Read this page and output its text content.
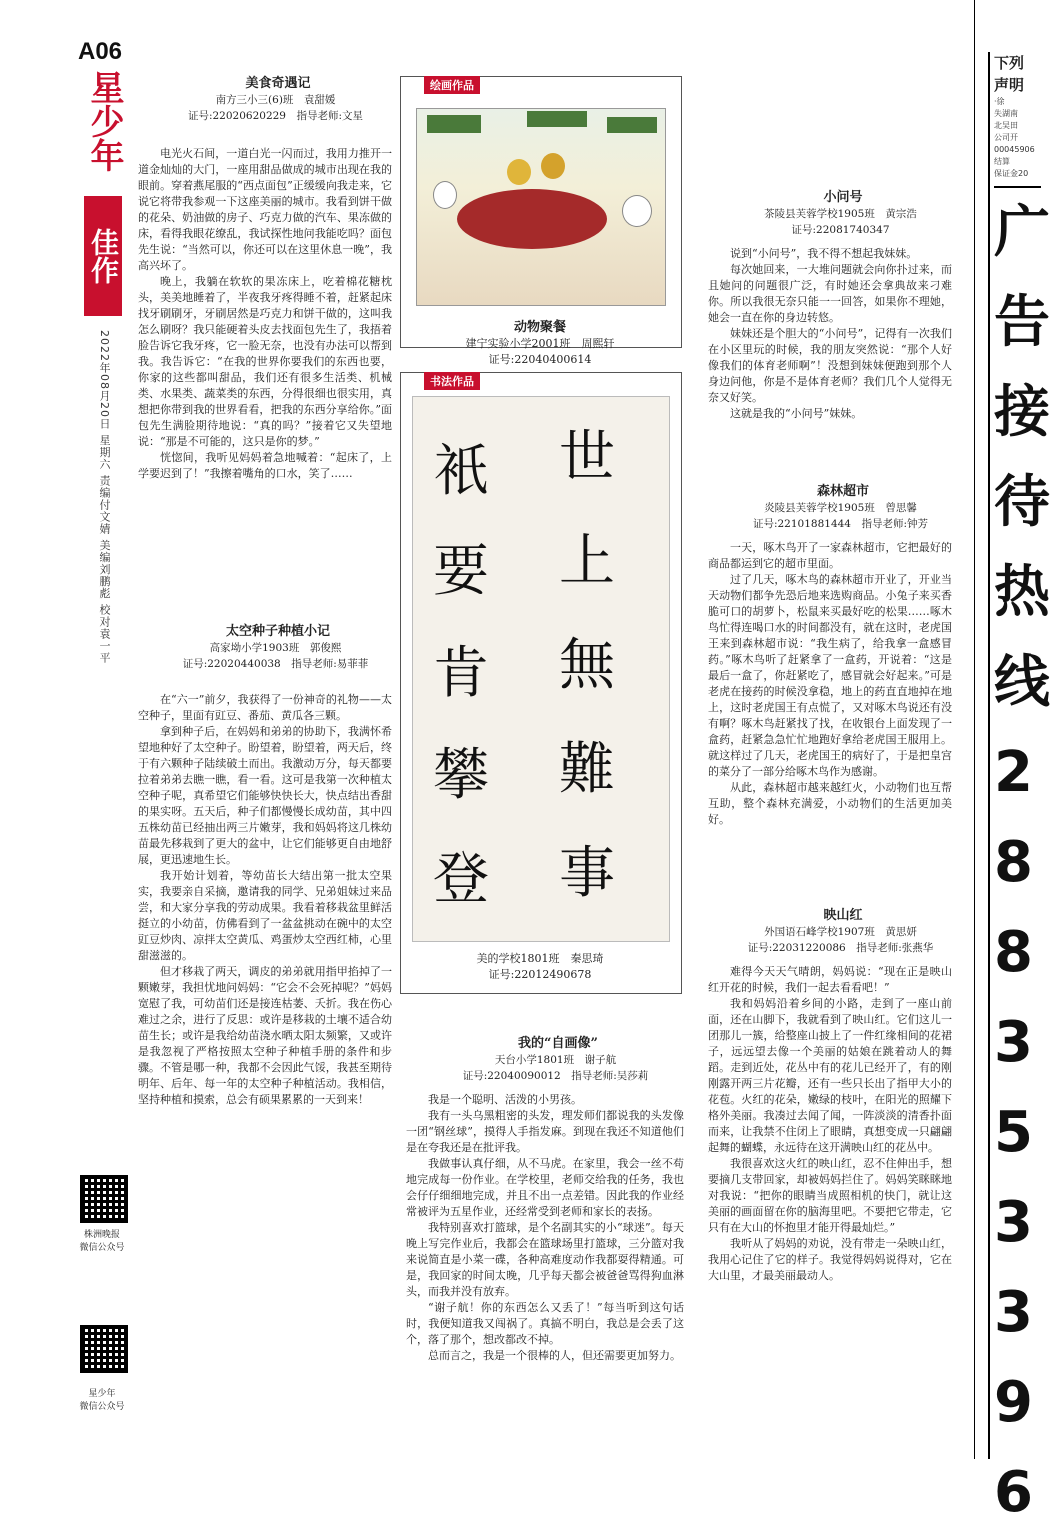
A06
星少年
佳作
2022年08月20日 星期六 责编付文婧 美编刘鹏彪 校对袁一平
株洲晚报
微信公众号
星少年
微信公众号

美食奇遇记

南方三小三(6)班　袁甜媛

证号:22020620229　指导老师:文星

电光火石间，一道白光一闪而过，我用力推开一道金灿灿的大门，一座用甜品做成的城市出现在我的眼前。穿着燕尾服的“西点面包”正缓缓向我走来，它说它将带我参观一下这座美丽的城市。我看到饼干做的花朵、奶油做的房子、巧克力做的汽车、果冻做的床，看得我眼花缭乱，我试探性地问我能吃吗？面包先生说：“当然可以，你还可以在这里休息一晚”，我高兴坏了。

晚上，我躺在软软的果冻床上，吃着棉花糖枕头，美美地睡着了，半夜我牙疼得睡不着，赶紧起床找牙刷刷牙，牙刷居然是巧克力和饼干做的，这叫我怎么刷呀？我只能硬着头皮去找面包先生了，我捂着脸告诉它我牙疼，它一脸无奈，也没有办法可以帮到我。我告诉它：“在我的世界你要我们的东西也要，你家的这些都叫甜品，我们还有很多生活类、机械类、水果类、蔬菜类的东西，分得很细也很实用，真想把你带到我的世界看看，把我的东西分享给你。”面包先生满脸期待地说：“真的吗？”接着它又失望地说：“那是不可能的，这只是你的梦。”

恍惚间，我听见妈妈着急地喊着：“起床了，上学要迟到了！”我擦着嘴角的口水，笑了……

太空种子种植小记

高家坳小学1903班　郭俊熙

证号:22020440038　指导老师:易菲菲

在“六一”前夕，我获得了一份神奇的礼物——太空种子，里面有豇豆、番茄、黄瓜各三颗。

拿到种子后，在妈妈和弟弟的协助下，我满怀希望地种好了太空种子。盼望着，盼望着，两天后，终于有六颗种子陆续破土而出。我激动万分，每天都要拉着弟弟去瞧一瞧，看一看。这可是我第一次种植太空种子呢，真希望它们能够快快长大，快点结出香甜的果实呀。五天后，种子们都慢慢长成幼苗，其中四五株幼苗已经抽出两三片嫩芽，我和妈妈将这几株幼苗最先移栽到了更大的盆中，让它们能够更自由地舒展，更迅速地生长。

我开始计划着，等幼苗长大结出第一批太空果实，我要亲自采摘，邀请我的同学、兄弟姐妹过来品尝，和大家分享我的劳动成果。我看着移栽盆里鲜活挺立的小幼苗，仿佛看到了一盆盆挑动在碗中的太空豇豆炒肉、凉拌太空黄瓜、鸡蛋炒太空西红柿，心里甜滋滋的。

但才移栽了两天，调皮的弟弟就用指甲掐掉了一颗嫩芽，我担忧地问妈妈：“它会不会死掉呢？”妈妈宽慰了我，可幼苗们还是接连枯萎、夭折。我在伤心难过之余，进行了反思：或许是移栽的土壤不适合幼苗生长；或许是我给幼苗浇水晒太阳太频繁，又或许是我忽视了严格按照太空种子种植手册的条件和步骤。不管是哪一种，我都不会因此气馁，我甚至期待明年、后年、每一年的太空种子种植活动。我相信，坚持种植和摸索，总会有硕果累累的一天到来！

绘画作品
动物聚餐
建宁实验小学2001班　周熙轩
证号:22040400614
书法作品
世
上
無
難
事
衹
要
肯
攀
登
美的学校1801班　秦思琦
证号:22012490678

我的“自画像”

天台小学1801班　谢子航

证号:22040090012　指导老师:吴莎莉

我是一个聪明、活泼的小男孩。

我有一头乌黑粗密的头发，理发师们都说我的头发像一团“钢丝球”，摸得人手指发麻。到现在我还不知道他们是在夸我还是在批评我。

我做事认真仔细，从不马虎。在家里，我会一丝不苟地完成每一份作业。在学校里，老师交给我的任务，我也会仔仔细细地完成，并且不出一点差错。因此我的作业经常被评为五星作业，还经常受到老师和家长的表扬。

我特别喜欢打篮球，是个名副其实的小“球迷”。每天晚上写完作业后，我都会在篮球场里打篮球，三分篮对我来说简直是小菜一碟，各种高难度动作我都耍得精通。可是，我回家的时间太晚，几乎每天都会被爸爸骂得狗血淋头，而我并没有放弃。

“谢子航！你的东西怎么又丢了！”每当听到这句话时，我便知道我又闯祸了。真搞不明白，我总是会丢了这个，落了那个，想改都改不掉。

总而言之，我是一个很棒的人，但还需要更加努力。

小问号

茶陵县芙蓉学校1905班　黄宗浩

证号:22081740347

说到“小问号”，我不得不想起我妹妹。

每次她回来，一大堆问题就会向你扑过来，而且她问的问题很广泛，有时她还会拿典故来刁难你。所以我很无奈只能一一回答，如果你不理她，她会一直在你的身边转悠。

妹妹还是个胆大的“小问号”，记得有一次我们在小区里玩的时候，我的朋友突然说：“那个人好像我们的体育老师啊”！没想到妹妹便跑到那个人身边问他，你是不是体育老师？我们几个人觉得无奈又好笑。

这就是我的“小问号”妹妹。

森林超市

炎陵县芙蓉学校1905班　曾思馨

证号:22101881444　指导老师:钟芳

一天，啄木鸟开了一家森林超市，它把最好的商品都运到它的超市里面。

过了几天，啄木鸟的森林超市开业了，开业当天动物们都争先恐后地来选购商品。小兔子来买香脆可口的胡萝卜，松鼠来买最好吃的松果……啄木鸟忙得连喝口水的时间都没有，就在这时，老虎国王来到森林超市说：“我生病了，给我拿一盒感冒药。”啄木鸟听了赶紧拿了一盒药，开说着：“这是最后一盒了，你赶紧吃了，感冒就会好起来。”可是老虎在接药的时候没拿稳，地上的药直直地掉在地上，这时老虎国王有点慌了，又对啄木鸟说还有没有啊？啄木鸟赶紧找了找，在收银台上面发现了一盒药，赶紧急急忙忙地跑好拿给老虎国王服用上。就这样过了几天，老虎国王的病好了，于是把皇宫的菜分了一部分给啄木鸟作为感谢。

从此，森林超市越来越红火，小动物们也互帮互助，整个森林充满爱，小动物们的生活更加美好。

映山红

外国语石峰学校1907班　黄思妍

证号:22031220086　指导老师:张燕华

难得今天天气晴朗，妈妈说：“现在正是映山红开花的时候，我们一起去看看吧！”

我和妈妈沿着乡间的小路，走到了一座山前面，还在山脚下，我就看到了映山红。它们这儿一团那儿一簇，给整座山披上了一件红缘相间的花裙子，远远望去像一个美丽的姑娘在跳着动人的舞蹈。走到近处，花丛中有的花儿已经开了，有的刚刚露开两三片花瓣，还有一些只长出了指甲大小的花苞。火红的花朵，嫩绿的枝叶，在阳光的照耀下格外美丽。我凑过去闻了闻，一阵淡淡的清香扑面而来，让我禁不住闭上了眼睛，真想变成一只翩翩起舞的蝴蝶，永远待在这开满映山红的花丛中。

我很喜欢这火红的映山红，忍不住伸出手，想要摘几支带回家，却被妈妈拦住了。妈妈笑眯眯地对我说：“把你的眼睛当成照相机的快门，就让这美丽的画面留在你的脑海里吧。不要把它带走，它只有在大山的怀抱里才能开得最灿烂。”

我听从了妈妈的劝说，没有带走一朵映山红，我用心记住了它的样子。我觉得妈妈说得对，它在大山里，才最美丽最动人。

下列
声明
·徐
失湖南
北吴田
公司开
00045906
结算
保证金20
广
告
接
待
热
线
2
8
8
3
5
3
3
9
6
